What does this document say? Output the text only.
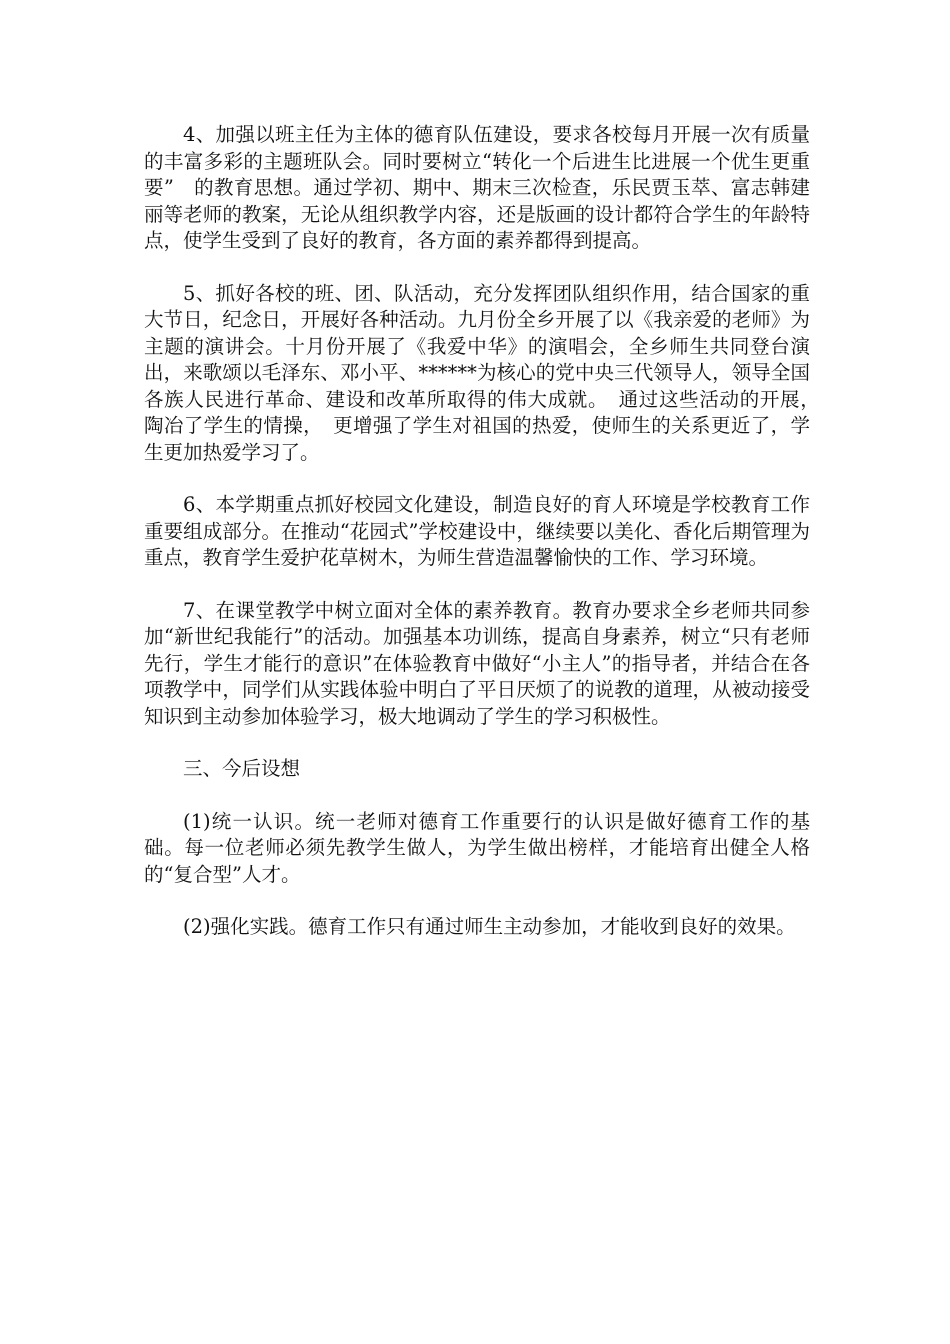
4、加强以班主任为主体的德育队伍建设，要求各校每月开展一次有质量的丰富多彩的主题班队会。同时要树立“转化一个后进生比进展一个优生更重要”　的教育思想。通过学初、期中、期末三次检查，乐民贾玉萃、富志韩建丽等老师的教案，无论从组织教学内容，还是版画的设计都符合学生的年龄特点，使学生受到了良好的教育，各方面的素养都得到提高。

5、抓好各校的班、团、队活动，充分发挥团队组织作用，结合国家的重大节日，纪念日，开展好各种活动。九月份全乡开展了以《我亲爱的老师》为主题的演讲会。十月份开展了《我爱中华》的演唱会，全乡师生共同登台演出，来歌颂以毛泽东、邓小平、******为核心的党中央三代领导人，领导全国各族人民进行革命、建设和改革所取得的伟大成就。　通过这些活动的开展，　陶冶了学生的情操，　更增强了学生对祖国的热爱，使师生的关系更近了，学生更加热爱学习了。

6、本学期重点抓好校园文化建设，制造良好的育人环境是学校教育工作重要组成部分。在推动“花园式”学校建设中，继续要以美化、香化后期管理为重点，教育学生爱护花草树木，为师生营造温馨愉快的工作、学习环境。

7、在课堂教学中树立面对全体的素养教育。教育办要求全乡老师共同参加“新世纪我能行”的活动。加强基本功训练，提高自身素养，树立“只有老师先行，学生才能行的意识”在体验教育中做好“小主人”的指导者，并结合在各项教学中，同学们从实践体验中明白了平日厌烦了的说教的道理，从被动接受知识到主动参加体验学习，极大地调动了学生的学习积极性。

三、今后设想

(1)统一认识。统一老师对德育工作重要行的认识是做好德育工作的基础。每一位老师必须先教学生做人，为学生做出榜样，才能培育出健全人格的“复合型”人才。

(2)强化实践。德育工作只有通过师生主动参加，才能收到良好的效果。
